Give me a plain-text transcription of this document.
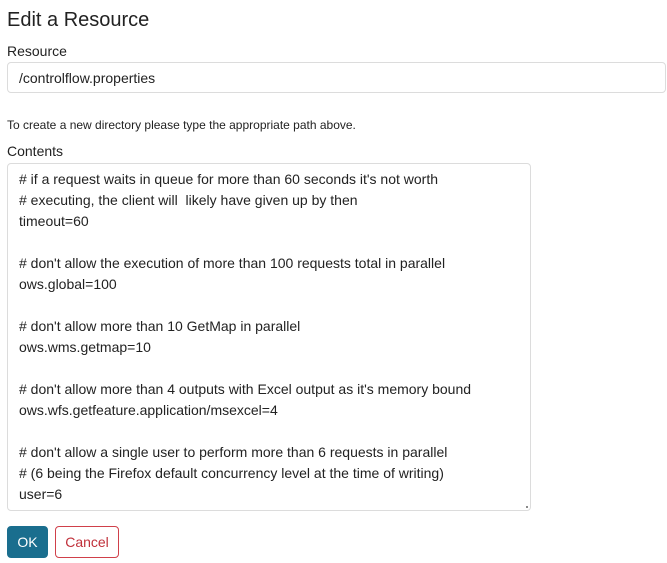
Edit a Resource
Resource
/controlflow.properties
To create a new directory please type the appropriate path above.
Contents
# if a request waits in queue for more than 60 seconds it's not worth
# executing, the client will  likely have given up by then
timeout=60
# don't allow the execution of more than 100 requests total in parallel
ows.global=100
# don't allow more than 10 GetMap in parallel
ows.wms.getmap=10
# don't allow more than 4 outputs with Excel output as it's memory bound
ows.wfs.getfeature.application/msexcel=4
# don't allow a single user to perform more than 6 requests in parallel
# (6 being the Firefox default concurrency level at the time of writing)
user=6
OK	Cancel
